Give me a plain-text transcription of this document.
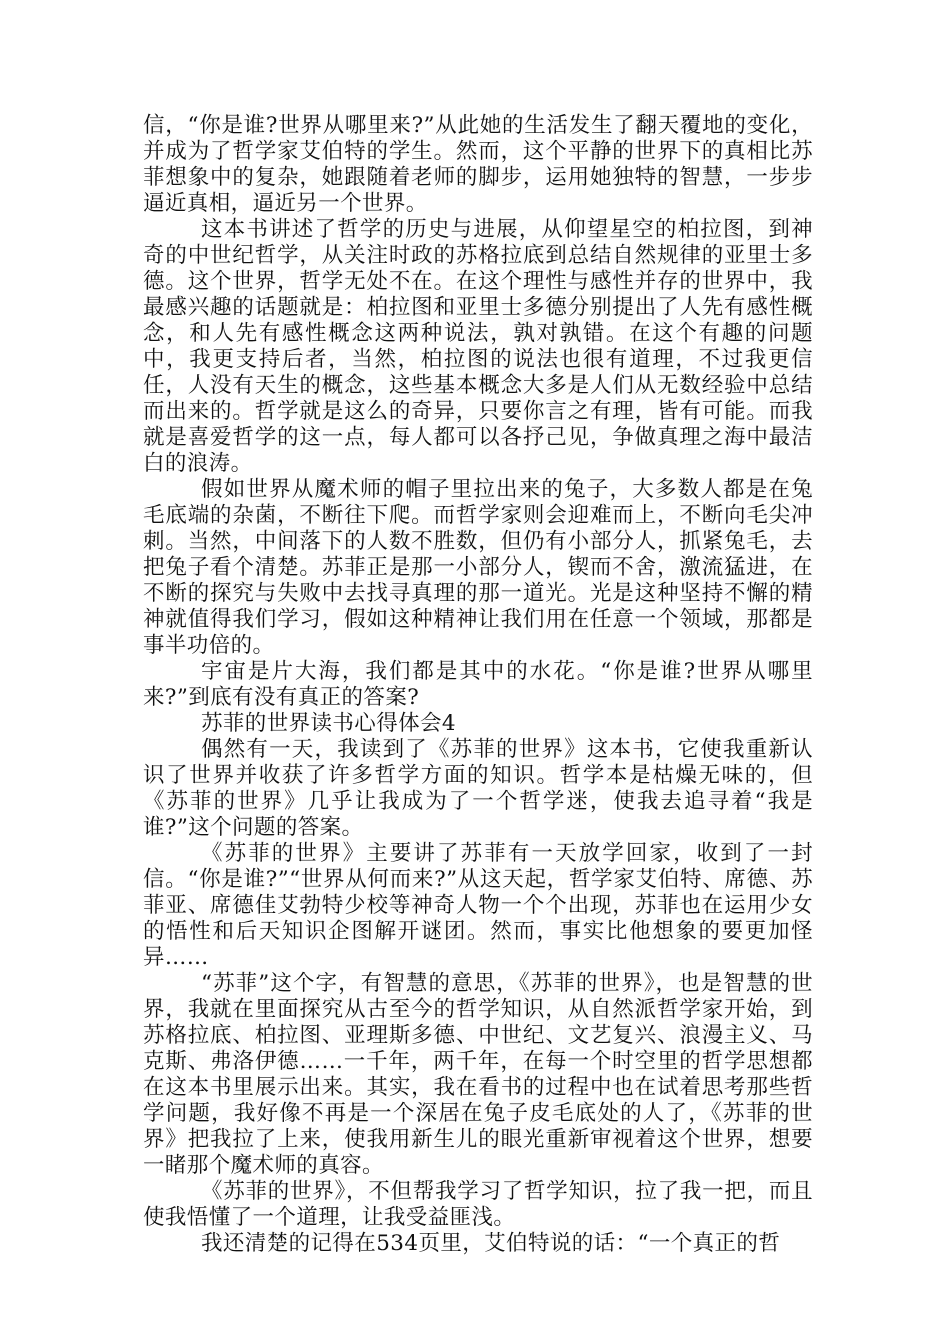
信，“你是谁?世界从哪里来?”从此她的生活发生了翻天覆地的变化，并成为了哲学家艾伯特的学生。然而，这个平静的世界下的真相比苏菲想象中的复杂，她跟随着老师的脚步，运用她独特的智慧，一步步逼近真相，逼近另一个世界。

这本书讲述了哲学的历史与进展，从仰望星空的柏拉图，到神奇的中世纪哲学，从关注时政的苏格拉底到总结自然规律的亚里士多德。这个世界，哲学无处不在。在这个理性与感性并存的世界中，我最感兴趣的话题就是：柏拉图和亚里士多德分别提出了人先有感性概念，和人先有感性概念这两种说法，孰对孰错。在这个有趣的问题中，我更支持后者，当然，柏拉图的说法也很有道理，不过我更信任，人没有天生的概念，这些基本概念大多是人们从无数经验中总结而出来的。哲学就是这么的奇异，只要你言之有理，皆有可能。而我就是喜爱哲学的这一点，每人都可以各抒己见，争做真理之海中最洁白的浪涛。

假如世界从魔术师的帽子里拉出来的兔子，大多数人都是在兔毛底端的杂菌，不断往下爬。而哲学家则会迎难而上，不断向毛尖冲刺。当然，中间落下的人数不胜数，但仍有小部分人，抓紧兔毛，去把兔子看个清楚。苏菲正是那一小部分人，锲而不舍，激流猛进，在不断的探究与失败中去找寻真理的那一道光。光是这种坚持不懈的精神就值得我们学习，假如这种精神让我们用在任意一个领域，那都是事半功倍的。

宇宙是片大海，我们都是其中的水花。“你是谁?世界从哪里来?”到底有没有真正的答案?

苏菲的世界读书心得体会4

偶然有一天，我读到了《苏菲的世界》这本书，它使我重新认识了世界并收获了许多哲学方面的知识。哲学本是枯燥无味的，但《苏菲的世界》几乎让我成为了一个哲学迷，使我去追寻着“我是谁?”这个问题的答案。

《苏菲的世界》主要讲了苏菲有一天放学回家，收到了一封信。“你是谁?”“世界从何而来?”从这天起，哲学家艾伯特、席德、苏菲亚、席德佳艾勃特少校等神奇人物一个个出现，苏菲也在运用少女的悟性和后天知识企图解开谜团。然而，事实比他想象的要更加怪异……

“苏菲”这个字，有智慧的意思，《苏菲的世界》，也是智慧的世界，我就在里面探究从古至今的哲学知识，从自然派哲学家开始，到苏格拉底、柏拉图、亚理斯多德、中世纪、文艺复兴、浪漫主义、马克斯、弗洛伊德……一千年，两千年，在每一个时空里的哲学思想都在这本书里展示出来。其实，我在看书的过程中也在试着思考那些哲学问题，我好像不再是一个深居在兔子皮毛底处的人了，《苏菲的世界》把我拉了上来，使我用新生儿的眼光重新审视着这个世界，想要一睹那个魔术师的真容。

《苏菲的世界》，不但帮我学习了哲学知识，拉了我一把，而且使我悟懂了一个道理，让我受益匪浅。

我还清楚的记得在534页里，艾伯特说的话：“一个真正的哲
